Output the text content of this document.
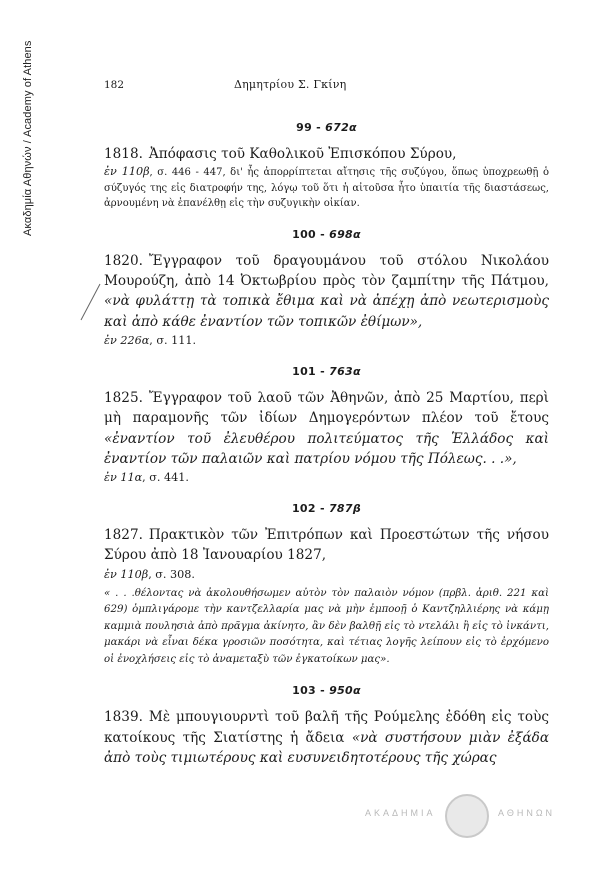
Ακαδημία Αθηνών / Academy of Athens	182	Δημητρίου Σ. Γκίνη
99 - 672α

1818. Ἀπόφασις τοῦ Καθολικοῦ Ἐπισκόπου Σύρου,

ἐν 110β, σ. 446 - 447, δι' ἧς ἀπορρίπτεται αἴτησις τῆς συζύγου, ὅπως ὑποχρεωθῇ ὁ σύζυγός της εἰς διατροφήν της, λόγῳ τοῦ ὅτι ἡ αἰτοῦσα ἦτο ὑπαιτία τῆς διαστάσεως, ἀρνουμένη νὰ ἐπανέλθῃ εἰς τὴν συζυγικὴν οἰκίαν.

100 - 698α

1820. Ἔγγραφον τοῦ δραγουμάνου τοῦ στόλου Νικολάου Μουρούζη, ἀπὸ 14 Ὀκτωβρίου πρὸς τὸν ζαμπίτην τῆς Πάτμου, «νὰ φυλάττῃ τὰ τοπικὰ ἔθιμα καὶ νὰ ἀπέχῃ ἀπὸ νεωτερισμοὺς καὶ ἀπὸ κάθε ἐναντίον τῶν τοπικῶν ἐθίμων»,

ἐν 226α, σ. 111.

101 - 763α

1825. Ἔγγραφον τοῦ λαοῦ τῶν Ἀθηνῶν, ἀπὸ 25 Μαρτίου, περὶ μὴ παραμονῆς τῶν ἰδίων Δημογερόντων πλέον τοῦ ἔτους «ἐναντίον τοῦ ἐλευθέρου πολιτεύματος τῆς Ἑλλάδος καὶ ἐναντίον τῶν παλαιῶν καὶ πατρίου νόμου τῆς Πόλεως. . .»,

ἐν 11α, σ. 441.

102 - 787β

1827. Πρακτικὸν τῶν Ἐπιτρόπων καὶ Προεστώτων τῆς νήσου Σύρου ἀπὸ 18 Ἰανουαρίου 1827,

ἐν 110β, σ. 308.

« . . .θέλοντας νὰ ἀκολουθήσωμεν αὐτὸν τὸν παλαιὸν νόμον (πρβλ. ἀριθ. 221 καὶ 629) ὁμπλιγάρομε τὴν καντζελλαρία μας νὰ μὴν ἐμποοῇ ὁ Καντζηλλιέρης νὰ κάμῃ καμμιὰ πουλησιὰ ἀπὸ πρᾶγμα ἀκίνητο, ἂν δὲν βαλθῇ εἰς τὸ ντελάλι ἢ εἰς τὸ ἰνκάντι, μακάρι νὰ εἶναι δέκα γροσιῶν ποσότητα, καὶ τέτιας λογῆς λείπουν εἰς τὸ ἐρχόμενο οἱ ἐνοχλήσεις εἰς τὸ ἀναμεταξὺ τῶν ἐγκατοίκων μας».

103 - 950α

1839. Μὲ μπουγιουρντὶ τοῦ βαλῆ τῆς Ρούμελης ἐδόθη εἰς τοὺς κατοίκους τῆς Σιατίστης ἡ ἄδεια «νὰ συστήσουν μιὰν ἐξάδα ἀπὸ τοὺς τιμιωτέρους καὶ ευσυνειδητοτέρους τῆς χώρας

ΑΚΑΔΗΜΙΑ	ΑΘΗΝΩΝ
